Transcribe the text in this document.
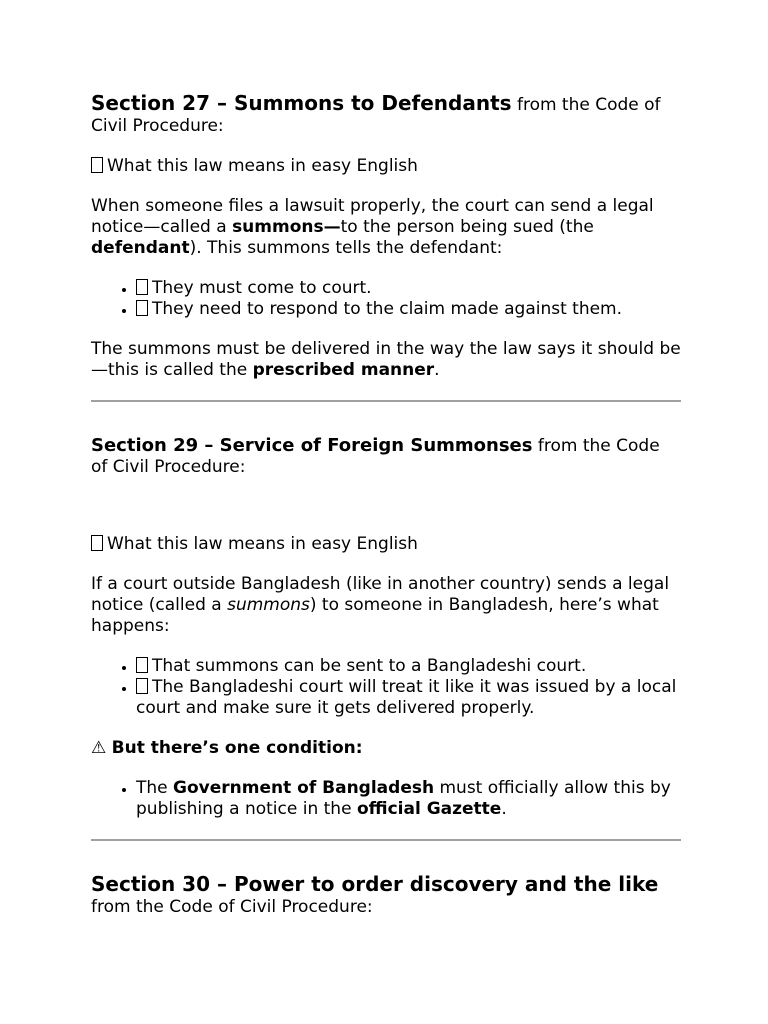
Section 27 – Summons to Defendants from the Code of Civil Procedure:

What this law means in easy English

When someone files a lawsuit properly, the court can send a legal notice—called a summons—to the person being sued (the defendant). This summons tells the defendant:

• They must come to court.
• They need to respond to the claim made against them.

The summons must be delivered in the way the law says it should be—this is called the prescribed manner.

Section 29 – Service of Foreign Summonses from the Code of Civil Procedure:

What this law means in easy English

If a court outside Bangladesh (like in another country) sends a legal notice (called a summons) to someone in Bangladesh, here’s what happens:

• That summons can be sent to a Bangladeshi court.
• The Bangladeshi court will treat it like it was issued by a local court and make sure it gets delivered properly.

⚠ But there’s one condition:

• The Government of Bangladesh must officially allow this by publishing a notice in the official Gazette.

Section 30 – Power to order discovery and the like
from the Code of Civil Procedure:
